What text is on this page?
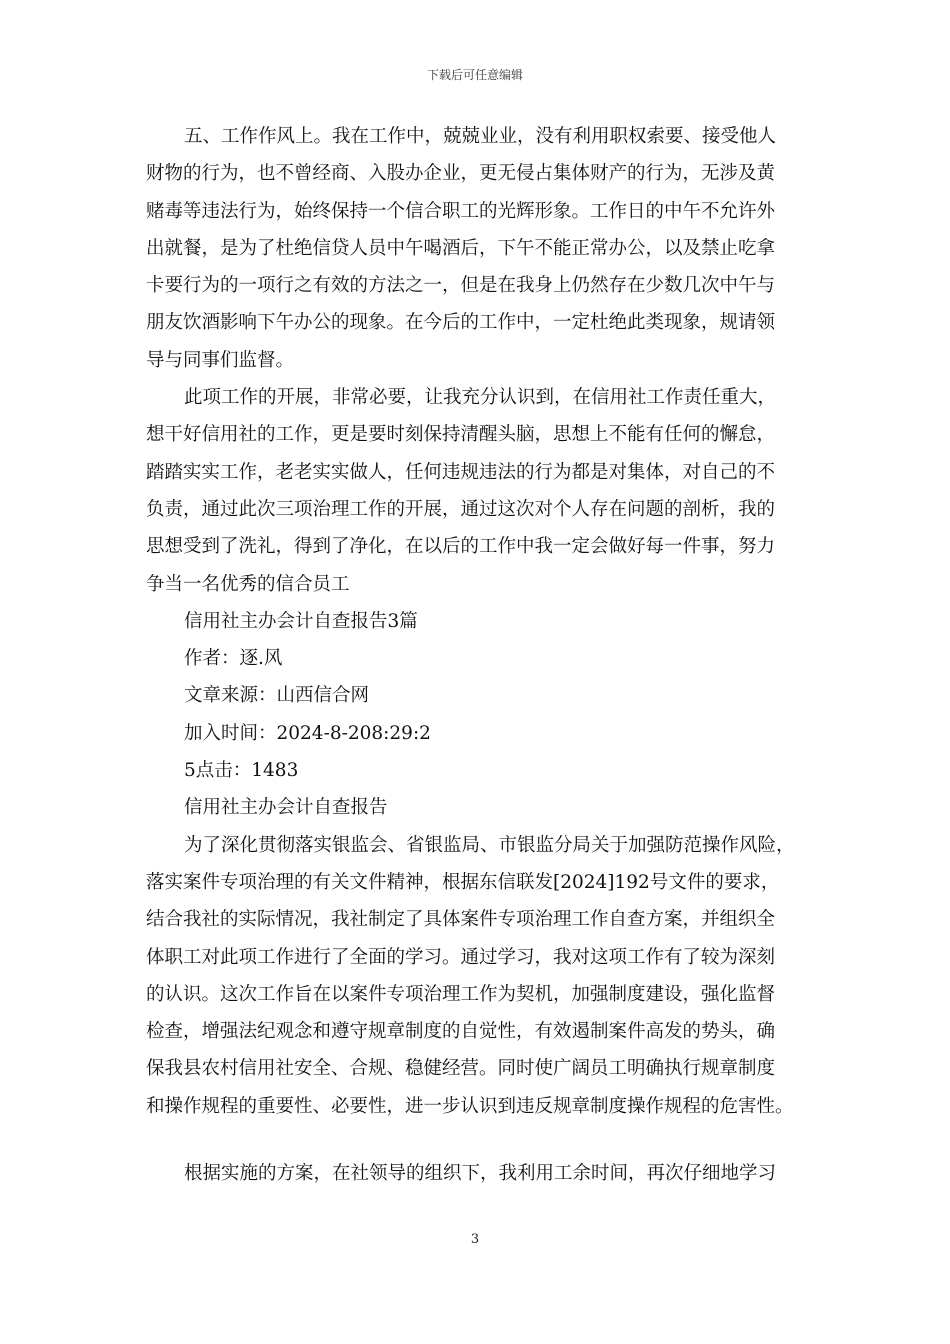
下载后可任意编辑
五、工作作风上。我在工作中，兢兢业业，没有利用职权索要、接受他人
财物的行为，也不曾经商、入股办企业，更无侵占集体财产的行为，无涉及黄
赌毒等违法行为，始终保持一个信合职工的光辉形象。工作日的中午不允许外
出就餐，是为了杜绝信贷人员中午喝酒后，下午不能正常办公，以及禁止吃拿
卡要行为的一项行之有效的方法之一，但是在我身上仍然存在少数几次中午与
朋友饮酒影响下午办公的现象。在今后的工作中，一定杜绝此类现象，规请领
导与同事们监督。
此项工作的开展，非常必要，让我充分认识到，在信用社工作责任重大，
想干好信用社的工作，更是要时刻保持清醒头脑，思想上不能有任何的懈怠，
踏踏实实工作，老老实实做人，任何违规违法的行为都是对集体，对自己的不
负责，通过此次三项治理工作的开展，通过这次对个人存在问题的剖析，我的
思想受到了洗礼，得到了净化，在以后的工作中我一定会做好每一件事，努力
争当一名优秀的信合员工
信用社主办会计自查报告3篇
作者：逐.风
文章来源：山西信合网
加入时间：2024-8-208:29:2
5点击：1483
信用社主办会计自查报告
为了深化贯彻落实银监会、省银监局、市银监分局关于加强防范操作风险，
落实案件专项治理的有关文件精神，根据东信联发[2024]192号文件的要求，
结合我社的实际情况，我社制定了具体案件专项治理工作自查方案，并组织全
体职工对此项工作进行了全面的学习。通过学习，我对这项工作有了较为深刻
的认识。这次工作旨在以案件专项治理工作为契机，加强制度建设，强化监督
检查，增强法纪观念和遵守规章制度的自觉性，有效遏制案件高发的势头，确
保我县农村信用社安全、合规、稳健经营。同时使广阔员工明确执行规章制度
和操作规程的重要性、必要性，进一步认识到违反规章制度操作规程的危害性。
根据实施的方案，在社领导的组织下，我利用工余时间，再次仔细地学习
3
